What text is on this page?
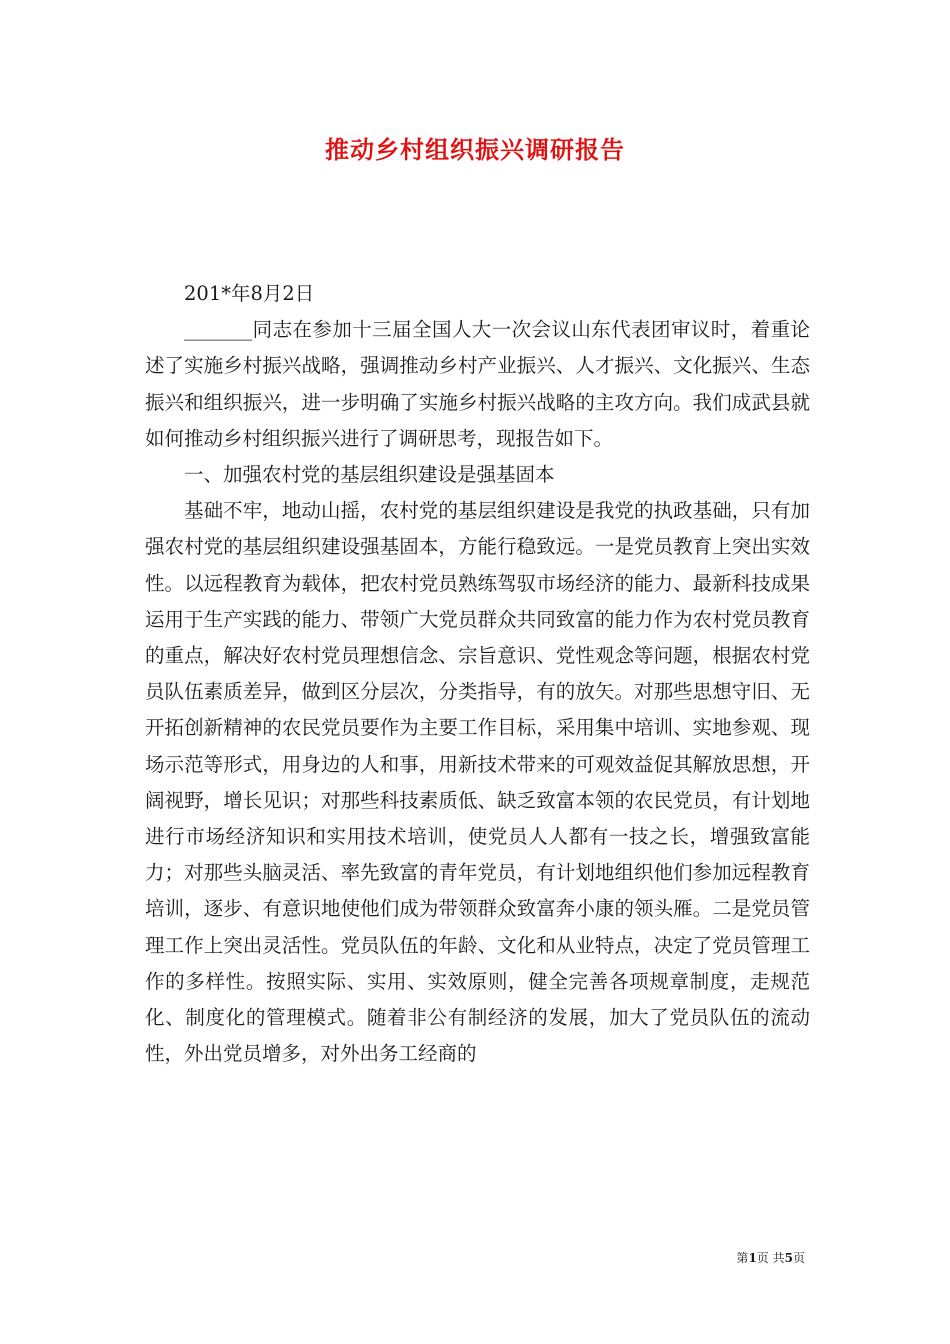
推动乡村组织振兴调研报告

201*年8月2日

_______同志在参加十三届全国人大一次会议山东代表团审议时，着重论述了实施乡村振兴战略，强调推动乡村产业振兴、人才振兴、文化振兴、生态振兴和组织振兴，进一步明确了实施乡村振兴战略的主攻方向。我们成武县就如何推动乡村组织振兴进行了调研思考，现报告如下。

一、加强农村党的基层组织建设是强基固本

基础不牢，地动山摇，农村党的基层组织建设是我党的执政基础，只有加强农村党的基层组织建设强基固本，方能行稳致远。一是党员教育上突出实效性。以远程教育为载体，把农村党员熟练驾驭市场经济的能力、最新科技成果运用于生产实践的能力、带领广大党员群众共同致富的能力作为农村党员教育的重点，解决好农村党员理想信念、宗旨意识、党性观念等问题，根据农村党员队伍素质差异，做到区分层次，分类指导，有的放矢。对那些思想守旧、无开拓创新精神的农民党员要作为主要工作目标，采用集中培训、实地参观、现场示范等形式，用身边的人和事，用新技术带来的可观效益促其解放思想，开阔视野，增长见识；对那些科技素质低、缺乏致富本领的农民党员，有计划地进行市场经济知识和实用技术培训，使党员人人都有一技之长，增强致富能力；对那些头脑灵活、率先致富的青年党员，有计划地组织他们参加远程教育培训，逐步、有意识地使他们成为带领群众致富奔小康的领头雁。二是党员管理工作上突出灵活性。党员队伍的年龄、文化和从业特点，决定了党员管理工作的多样性。按照实际、实用、实效原则，健全完善各项规章制度，走规范化、制度化的管理模式。随着非公有制经济的发展，加大了党员队伍的流动性，外出党员增多，对外出务工经商的

第1页 共5页
